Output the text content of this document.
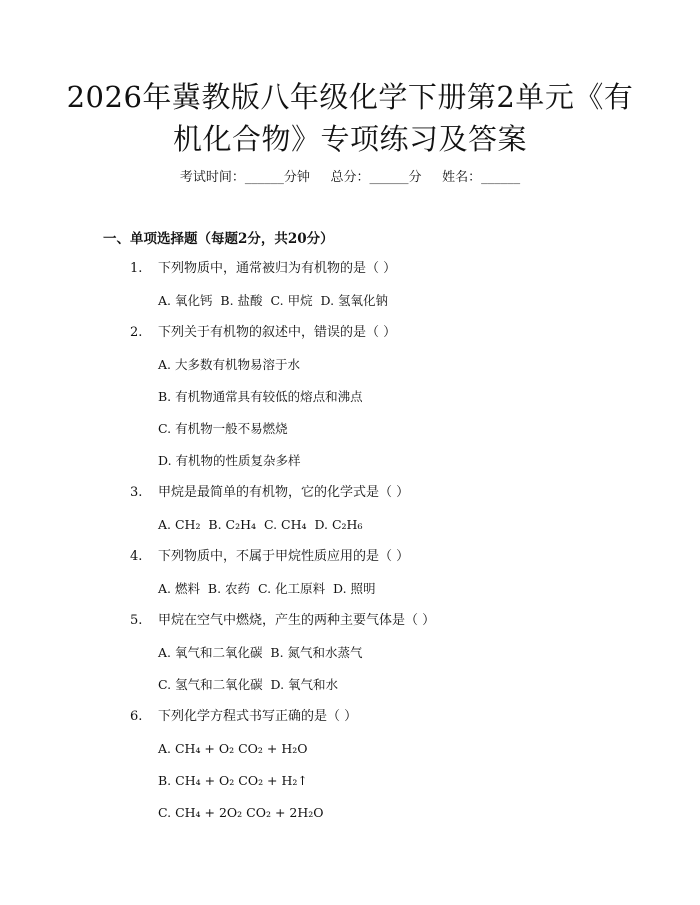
2026年冀教版八年级化学下册第2单元《有
机化合物》专项练习及答案
考试时间：______分钟     总分：______分     姓名：______
一、单项选择题（每题2分，共20分）
1. 下列物质中，通常被归为有机物的是（ ）
A. 氧化钙  B. 盐酸  C. 甲烷  D. 氢氧化钠
2. 下列关于有机物的叙述中，错误的是（ ）
A. 大多数有机物易溶于水
B. 有机物通常具有较低的熔点和沸点
C. 有机物一般不易燃烧
D. 有机物的性质复杂多样
3. 甲烷是最简单的有机物，它的化学式是（ ）
A. CH₂  B. C₂H₄  C. CH₄  D. C₂H₆
4. 下列物质中，不属于甲烷性质应用的是（ ）
A. 燃料  B. 农药  C. 化工原料  D. 照明
5. 甲烷在空气中燃烧，产生的两种主要气体是（ ）
A. 氧气和二氧化碳  B. 氮气和水蒸气
C. 氢气和二氧化碳  D. 氧气和水
6. 下列化学方程式书写正确的是（ ）
A. CH₄ + O₂ CO₂ + H₂O
B. CH₄ + O₂ CO₂ + H₂↑
C. CH₄ + 2O₂ CO₂ + 2H₂O
